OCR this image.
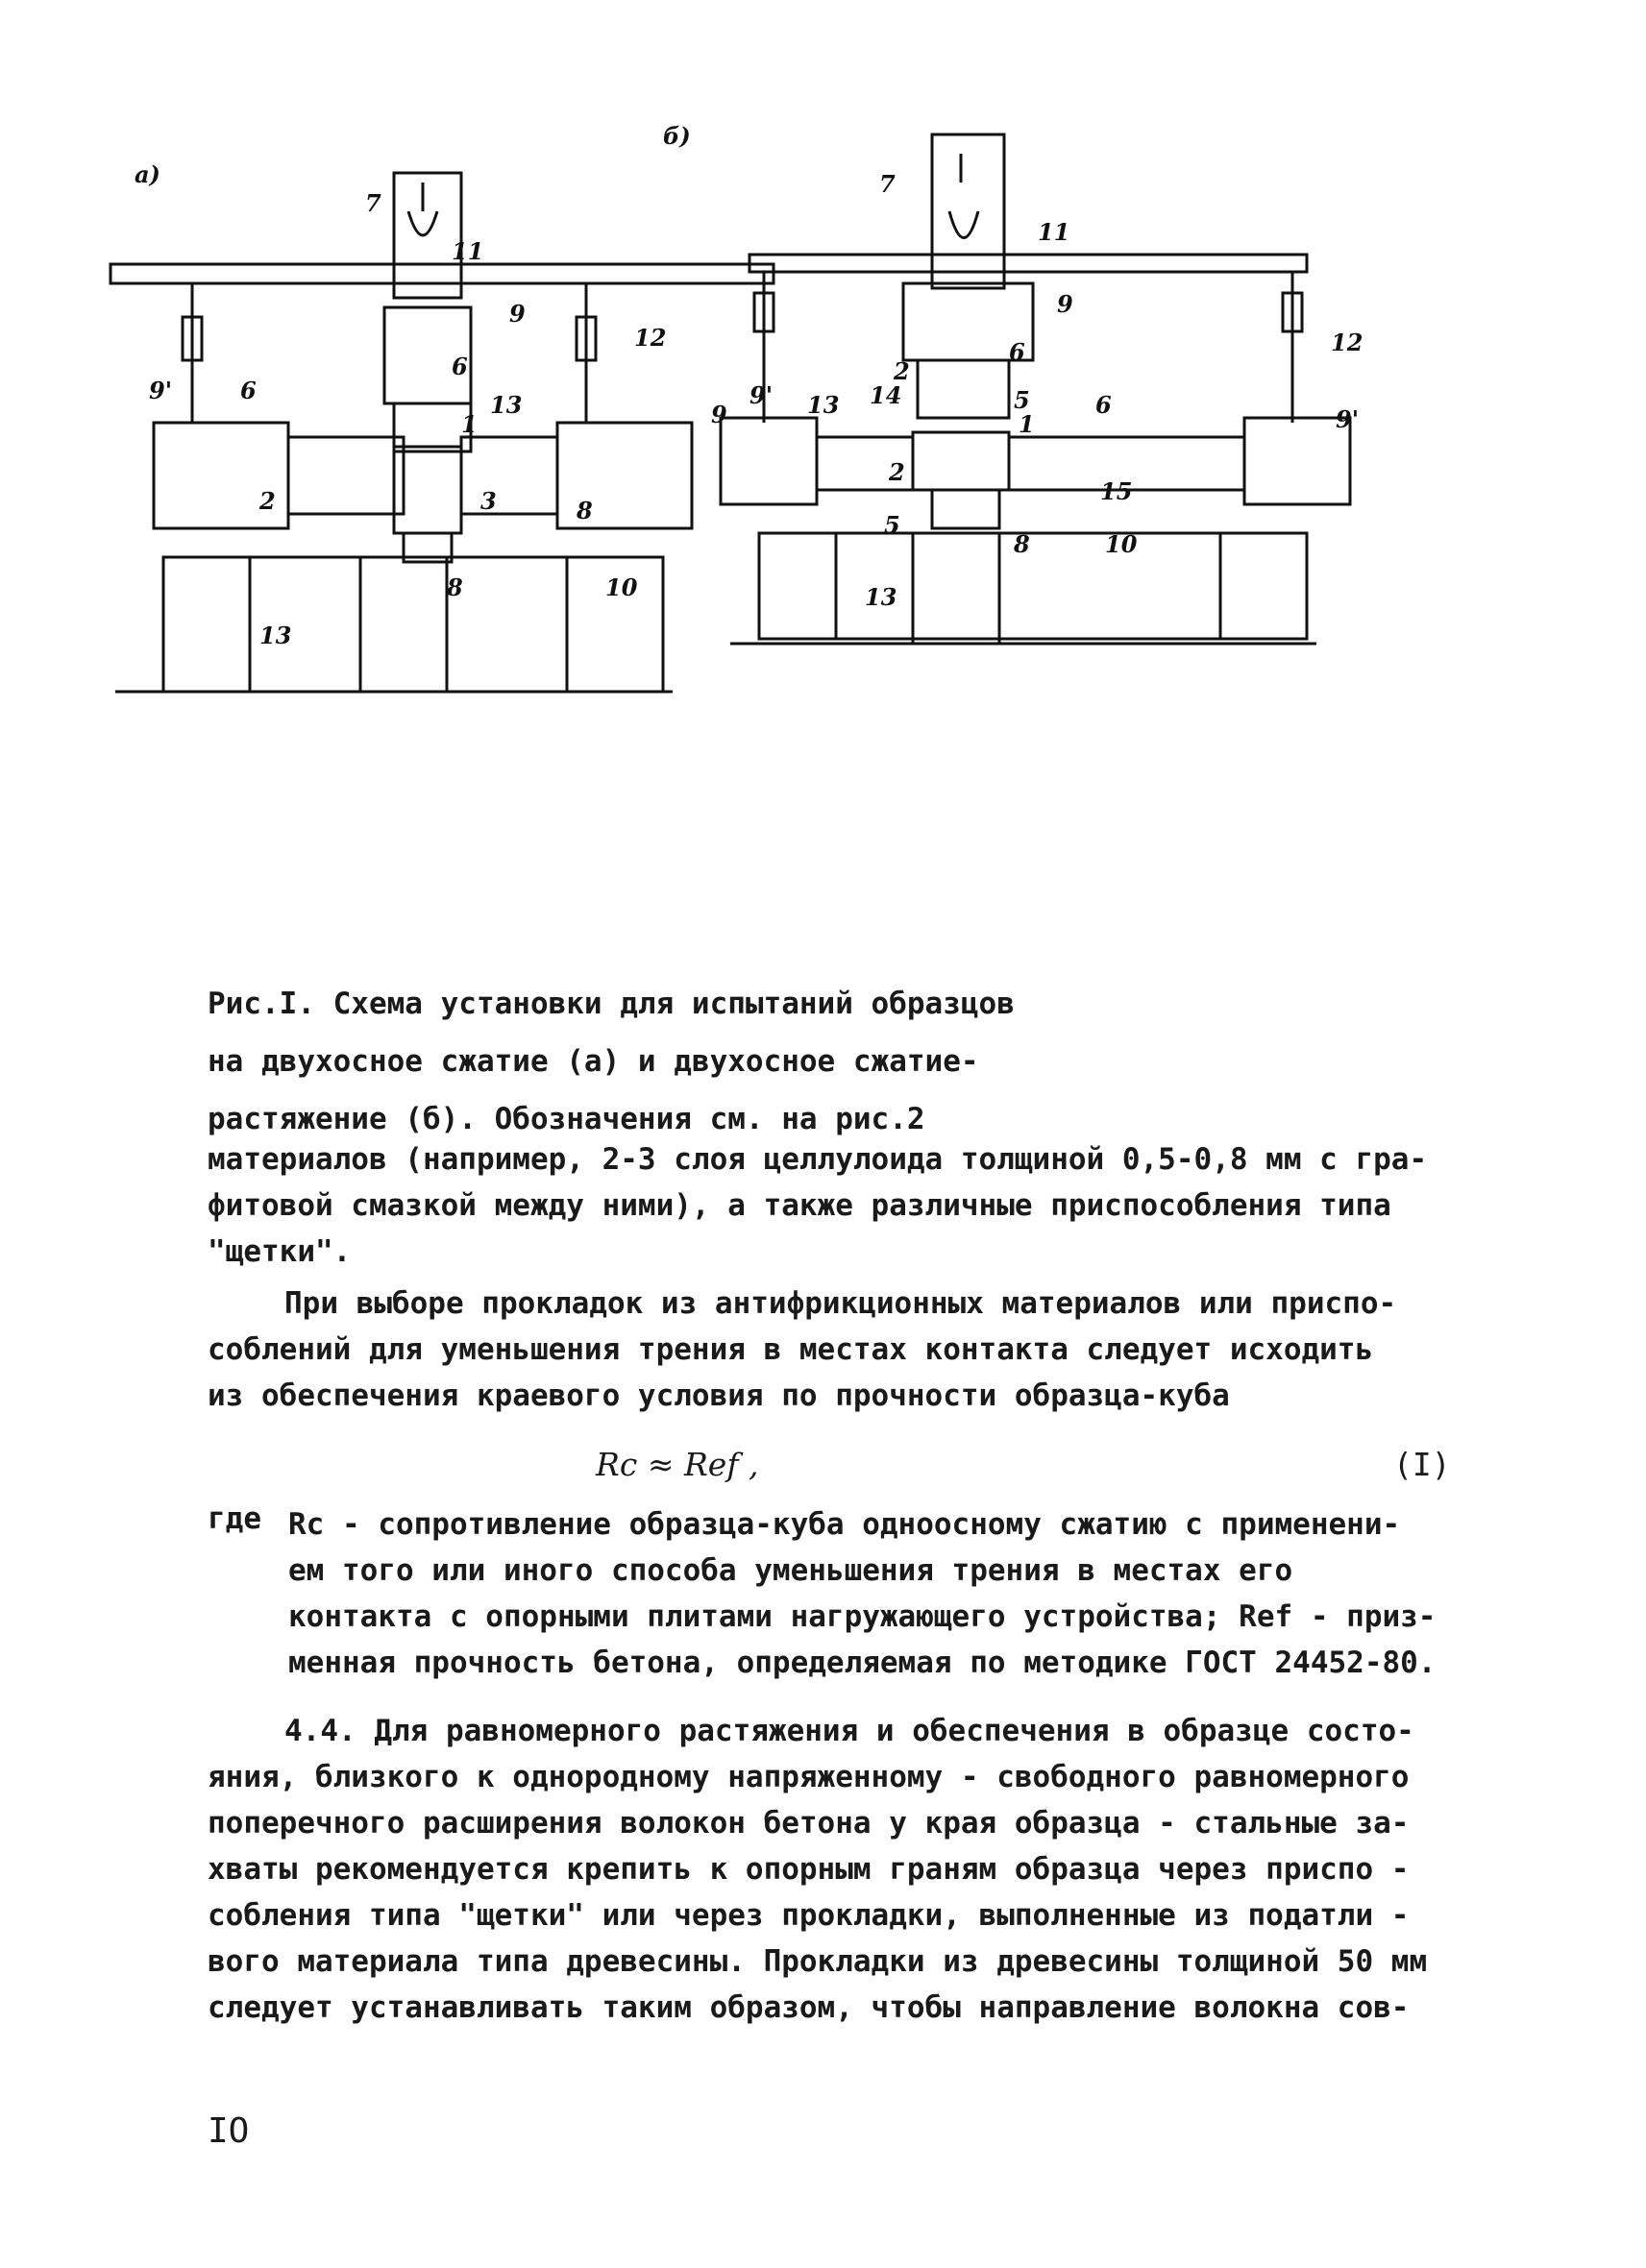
а)
7
11
9
12
9'	6
6
1
13	9
2	3	8
8	10
13
б)
7
11
9
6	12
2
9' 13 14	5
1
6
9'
2
5
8	10
15
13
Рис.I. Схема установки для испытаний образцов
на двухосное сжатие (а) и двухосное сжатие-
растяжение (б). Обозначения см. на рис.2
материалов (например, 2-3 слоя целлулоида толщиной 0,5-0,8 мм с гра-
фитовой смазкой между ними), а также различные приспособления типа
"щетки".
При выборе прокладок из антифрикционных материалов или приспо-
соблений для уменьшения трения в местах контакта следует исходить
из обеспечения краевого условия по прочности образца-куба
Rc ≈ Ref ,	(I)
где Rc - сопротивление образца-куба одноосному сжатию с применени-
ем того или иного способа уменьшения трения в местах его
контакта с опорными плитами нагружающего устройства; Ref - приз-
менная прочность бетона, определяемая по методике ГОСТ 24452-80.
4.4. Для равномерного растяжения и обеспечения в образце состо-
яния, близкого к однородному напряженному - свободного равномерного
поперечного расширения волокон бетона у края образца - стальные за-
хваты рекомендуется крепить к опорным граням образца через приспо -
собления типа "щетки" или через прокладки, выполненные из податли -
вого материала типа древесины. Прокладки из древесины толщиной 50 мм
следует устанавливать таким образом, чтобы направление волокна сов-
IO
